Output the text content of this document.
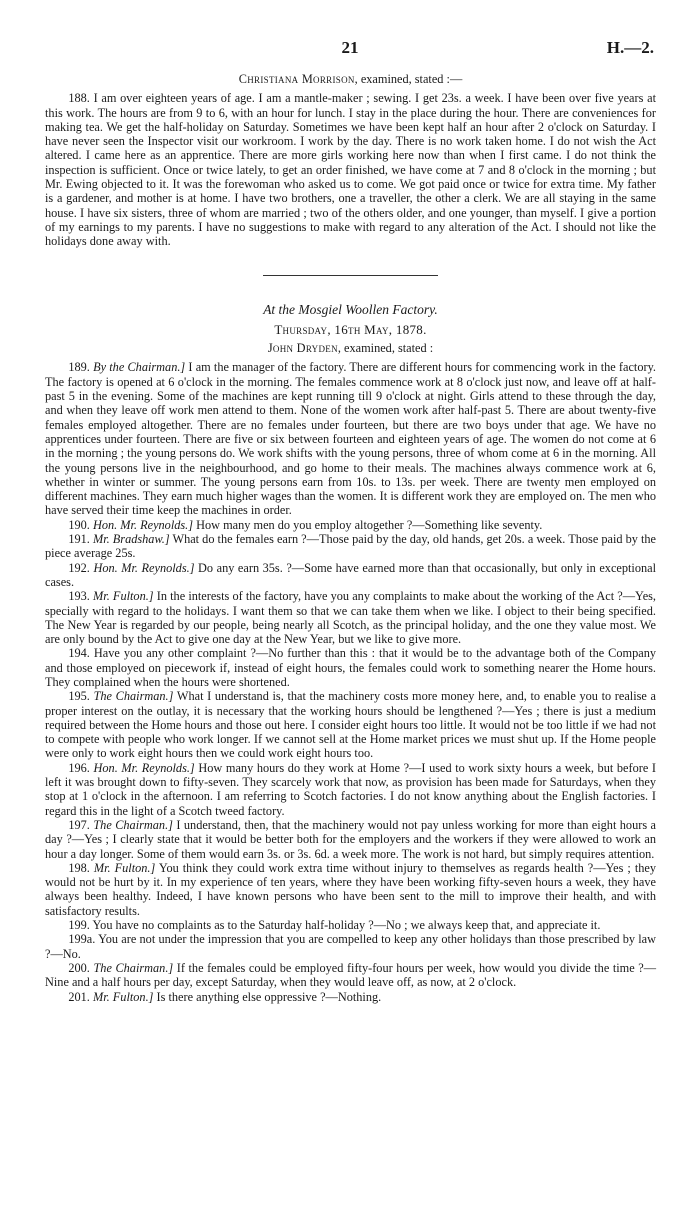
21	H.—2.
Christiana Morrison, examined, stated :—

188. I am over eighteen years of age. I am a mantle-maker ; sewing. I get 23s. a week. I have been over five years at this work. The hours are from 9 to 6, with an hour for lunch. I stay in the place during the hour. There are conveniences for making tea. We get the half-holiday on Saturday. Sometimes we have been kept half an hour after 2 o'clock on Saturday. I have never seen the Inspector visit our workroom. I work by the day. There is no work taken home. I do not wish the Act altered. I came here as an apprentice. There are more girls working here now than when I first came. I do not think the inspection is sufficient. Once or twice lately, to get an order finished, we have come at 7 and 8 o'clock in the morning ; but Mr. Ewing objected to it. It was the forewoman who asked us to come. We got paid once or twice for extra time. My father is a gardener, and mother is at home. I have two brothers, one a traveller, the other a clerk. We are all staying in the same house. I have six sisters, three of whom are married ; two of the others older, and one younger, than myself. I give a portion of my earnings to my parents. I have no suggestions to make with regard to any alteration of the Act. I should not like the holidays done away with.

At the Mosgiel Woollen Factory.
Thursday, 16th May, 1878.
John Dryden, examined, stated :

189. By the Chairman.] I am the manager of the factory. There are different hours for commencing work in the factory. The factory is opened at 6 o'clock in the morning. The females commence work at 8 o'clock just now, and leave off at half-past 5 in the evening. Some of the machines are kept running till 9 o'clock at night. Girls attend to these through the day, and when they leave off work men attend to them. None of the women work after half-past 5. There are about twenty-five females employed altogether. There are no females under fourteen, but there are two boys under that age. We have no apprentices under fourteen. There are five or six between fourteen and eighteen years of age. The women do not come at 6 in the morning ; the young persons do. We work shifts with the young persons, three of whom come at 6 in the morning. All the young persons live in the neighbourhood, and go home to their meals. The machines always commence work at 6, whether in winter or summer. The young persons earn from 10s. to 13s. per week. There are twenty men employed on different machines. They earn much higher wages than the women. It is different work they are employed on. The men who have served their time keep the machines in order.

190. Hon. Mr. Reynolds.] How many men do you employ altogether ?—Something like seventy.

191. Mr. Bradshaw.] What do the females earn ?—Those paid by the day, old hands, get 20s. a week. Those paid by the piece average 25s.

192. Hon. Mr. Reynolds.] Do any earn 35s. ?—Some have earned more than that occasionally, but only in exceptional cases.

193. Mr. Fulton.] In the interests of the factory, have you any complaints to make about the working of the Act ?—Yes, specially with regard to the holidays. I want them so that we can take them when we like. I object to their being specified. The New Year is regarded by our people, being nearly all Scotch, as the principal holiday, and the one they value most. We are only bound by the Act to give one day at the New Year, but we like to give more.

194. Have you any other complaint ?—No further than this : that it would be to the advantage both of the Company and those employed on piecework if, instead of eight hours, the females could work to something nearer the Home hours. They complained when the hours were shortened.

195. The Chairman.] What I understand is, that the machinery costs more money here, and, to enable you to realise a proper interest on the outlay, it is necessary that the working hours should be lengthened ?—Yes ; there is just a medium required between the Home hours and those out here. I consider eight hours too little. It would not be too little if we had not to compete with people who work longer. If we cannot sell at the Home market prices we must shut up. If the Home people were only to work eight hours then we could work eight hours too.

196. Hon. Mr. Reynolds.] How many hours do they work at Home ?—I used to work sixty hours a week, but before I left it was brought down to fifty-seven. They scarcely work that now, as provision has been made for Saturdays, when they stop at 1 o'clock in the afternoon. I am referring to Scotch factories. I do not know anything about the English factories. I regard this in the light of a Scotch tweed factory.

197. The Chairman.] I understand, then, that the machinery would not pay unless working for more than eight hours a day ?—Yes ; I clearly state that it would be better both for the employers and the workers if they were allowed to work an hour a day longer. Some of them would earn 3s. or 3s. 6d. a week more. The work is not hard, but simply requires attention.

198. Mr. Fulton.] You think they could work extra time without injury to themselves as regards health ?—Yes ; they would not be hurt by it. In my experience of ten years, where they have been working fifty-seven hours a week, they have always been healthy. Indeed, I have known persons who have been sent to the mill to improve their health, and with satisfactory results.

199. You have no complaints as to the Saturday half-holiday ?—No ; we always keep that, and appreciate it.

199a. You are not under the impression that you are compelled to keep any other holidays than those prescribed by law ?—No.

200. The Chairman.] If the females could be employed fifty-four hours per week, how would you divide the time ?—Nine and a half hours per day, except Saturday, when they would leave off, as now, at 2 o'clock.

201. Mr. Fulton.] Is there anything else oppressive ?—Nothing.
